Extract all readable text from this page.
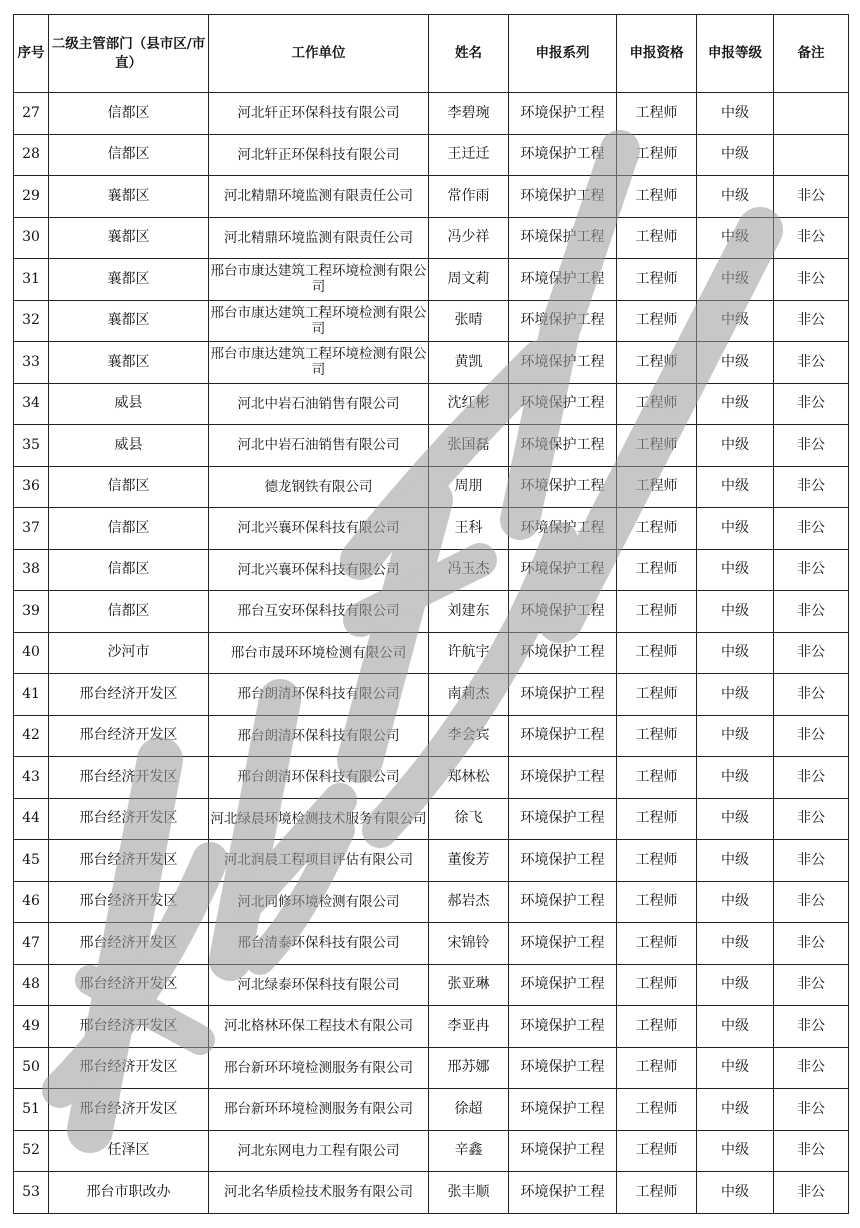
序号	二级主管部门（县市区/市直）	工作单位	姓名	申报系列	申报资格	申报等级	备注
27	信都区	河北轩正环保科技有限公司	李碧琬	环境保护工程	工程师	中级	
28	信都区	河北轩正环保科技有限公司	王迁迁	环境保护工程	工程师	中级	
29	襄都区	河北精鼎环境监测有限责任公司	常作雨	环境保护工程	工程师	中级	非公
30	襄都区	河北精鼎环境监测有限责任公司	冯少祥	环境保护工程	工程师	中级	非公
31	襄都区	邢台市康达建筑工程环境检测有限公司	周文莉	环境保护工程	工程师	中级	非公
32	襄都区	邢台市康达建筑工程环境检测有限公司	张晴	环境保护工程	工程师	中级	非公
33	襄都区	邢台市康达建筑工程环境检测有限公司	黄凯	环境保护工程	工程师	中级	非公
34	威县	河北中岩石油销售有限公司	沈红彬	环境保护工程	工程师	中级	非公
35	威县	河北中岩石油销售有限公司	张国磊	环境保护工程	工程师	中级	非公
36	信都区	德龙钢铁有限公司	周朋	环境保护工程	工程师	中级	非公
37	信都区	河北兴襄环保科技有限公司	王科	环境保护工程	工程师	中级	非公
38	信都区	河北兴襄环保科技有限公司	冯玉杰	环境保护工程	工程师	中级	非公
39	信都区	邢台互安环保科技有限公司	刘建东	环境保护工程	工程师	中级	非公
40	沙河市	邢台市晟环环境检测有限公司	许航宇	环境保护工程	工程师	中级	非公
41	邢台经济开发区	邢台朗清环保科技有限公司	南莉杰	环境保护工程	工程师	中级	非公
42	邢台经济开发区	邢台朗清环保科技有限公司	李会宾	环境保护工程	工程师	中级	非公
43	邢台经济开发区	邢台朗清环保科技有限公司	郑林松	环境保护工程	工程师	中级	非公
44	邢台经济开发区	河北绿晨环境检测技术服务有限公司	徐飞	环境保护工程	工程师	中级	非公
45	邢台经济开发区	河北润晨工程项目评估有限公司	董俊芳	环境保护工程	工程师	中级	非公
46	邢台经济开发区	河北同修环境检测有限公司	郝岩杰	环境保护工程	工程师	中级	非公
47	邢台经济开发区	邢台清泰环保科技有限公司	宋锦铃	环境保护工程	工程师	中级	非公
48	邢台经济开发区	河北绿泰环保科技有限公司	张亚琳	环境保护工程	工程师	中级	非公
49	邢台经济开发区	河北格林环保工程技术有限公司	李亚冉	环境保护工程	工程师	中级	非公
50	邢台经济开发区	邢台新环环境检测服务有限公司	邢苏娜	环境保护工程	工程师	中级	非公
51	邢台经济开发区	邢台新环环境检测服务有限公司	徐超	环境保护工程	工程师	中级	非公
52	任泽区	河北东网电力工程有限公司	辛鑫	环境保护工程	工程师	中级	非公
53	邢台市职改办	河北名华质检技术服务有限公司	张丰顺	环境保护工程	工程师	中级	非公
